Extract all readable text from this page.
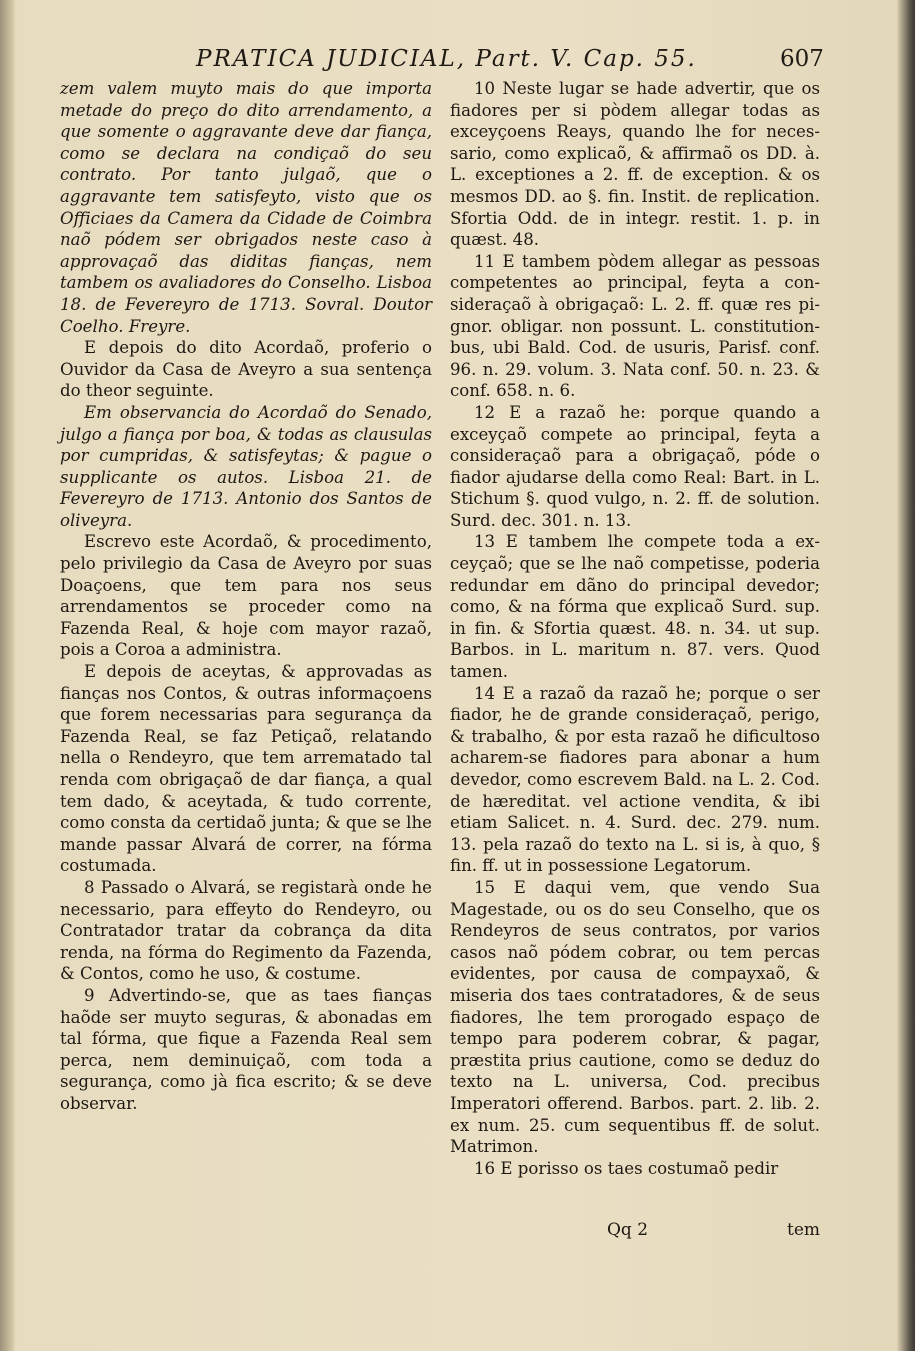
PRATICA JUDICIAL, Part. V. Cap. 55.	607

zem valem muyto mais do que importa metade do preço do dito arrendamento, a que somente o aggravante deve dar fiança, como se declara na condiçaõ do seu contrato. Por tanto julgaõ, que o aggravante tem satisfeyto, visto que os Officiaes da Camera da Cidade de Coimbra naõ pódem ser obrigados neste caso à approvaçaõ das diditas fianças, nem tambem os avaliadores do Conselho. Lisboa 18. de Fevereyro de 1713. Sovral. Doutor Coelho. Freyre.

E depois do dito Acordaõ, proferio o Ouvidor da Casa de Aveyro a sua sentença do theor seguinte.

Em observancia do Acordaõ do Senado, julgo a fiança por boa, & todas as clausulas por cumpridas, & satisfeytas; & pague o supplicante os autos. Lisboa 21. de Fevereyro de 1713. Antonio dos Santos de oliveyra.

Escrevo este Acordaõ, & procedimento, pelo privilegio da Casa de Aveyro por suas Doaçoens, que tem para nos seus arrendamentos se proceder como na Fazenda Real, & hoje com mayor razaõ, pois a Coroa a administra.

E depois de aceytas, & approvadas as fianças nos Contos, & outras informaçoens que forem necessarias para segurança da Fazenda Real, se faz Petiçaõ, relatando nella o Rendeyro, que tem arrematado tal renda com obrigaçaõ de dar fiança, a qual tem dado, & aceytada, & tudo corrente, como consta da certidaõ junta; & que se lhe mande passar Alvará de correr, na fórma costumada.

8 Passado o Alvará, se registarà onde he necessario, para effeyto do Rendeyro, ou Contratador tratar da cobrança da dita renda, na fórma do Regimento da Fazenda, & Contos, como he uso, & costume.

9 Advertindo-se, que as taes fianças haõde ser muyto seguras, & abonadas em tal fórma, que fique a Fazenda Real sem perca, nem deminuiçaõ, com toda a segurança, como jà fica escrito; & se deve observar.

10 Neste lugar se hade advertir, que os fiadores per si pòdem allegar todas as exceyçoens Reays, quando lhe for necessario, como explicaõ, & affirmaõ os DD. à. L. exceptiones a 2. ff. de exception. & os mesmos DD. ao §. fin. Instit. de replication. Sfortia Odd. de in integr. restit. 1. p. in quæst. 48.

11 E tambem pòdem allegar as pessoas competentes ao principal, feyta a consideraçaõ à obrigaçaõ: L. 2. ff. quæ res pignor. obligar. non possunt. L. constitutionbus, ubi Bald. Cod. de usuris, Parisf. conf. 96. n. 29. volum. 3. Nata conf. 50. n. 23. & conf. 658. n. 6.

12 E a razaõ he: porque quando a exceyçaõ compete ao principal, feyta a consideraçaõ para a obrigaçaõ, póde o fiador ajudarse della como Real: Bart. in L. Stichum §. quod vulgo, n. 2. ff. de solution. Surd. dec. 301. n. 13.

13 E tambem lhe compete toda a exceyçaõ; que se lhe naõ competisse, poderia redundar em dãno do principal devedor; como, & na fórma que explicaõ Surd. sup. in fin. & Sfortia quæst. 48. n. 34. ut sup. Barbos. in L. maritum n. 87. vers. Quod tamen.

14 E a razaõ da razaõ he; porque o ser fiador, he de grande consideraçaõ, perigo, & trabalho, & por esta razaõ he dificultoso acharem-se fiadores para abonar a hum devedor, como escrevem Bald. na L. 2. Cod. de hæreditat. vel actione vendita, & ibi etiam Salicet. n. 4. Surd. dec. 279. num. 13. pela razaõ do texto na L. si is, à quo, § fin. ff. ut in possessione Legatorum.

15 E daqui vem, que vendo Sua Magestade, ou os do seu Conselho, que os Rendeyros de seus contratos, por varios casos naõ pódem cobrar, ou tem percas evidentes, por causa de compayxaõ, & miseria dos taes contratadores, & de seus fiadores, lhe tem prorogado espaço de tempo para poderem cobrar, & pagar, præstita prius cautione, como se deduz do texto na L. universa, Cod. precibus Imperatori offerend. Barbos. part. 2. lib. 2. ex num. 25. cum sequentibus ff. de solut. Matrimon.

16 E porisso os taes costumaõ pedir

Qq 2	tem
